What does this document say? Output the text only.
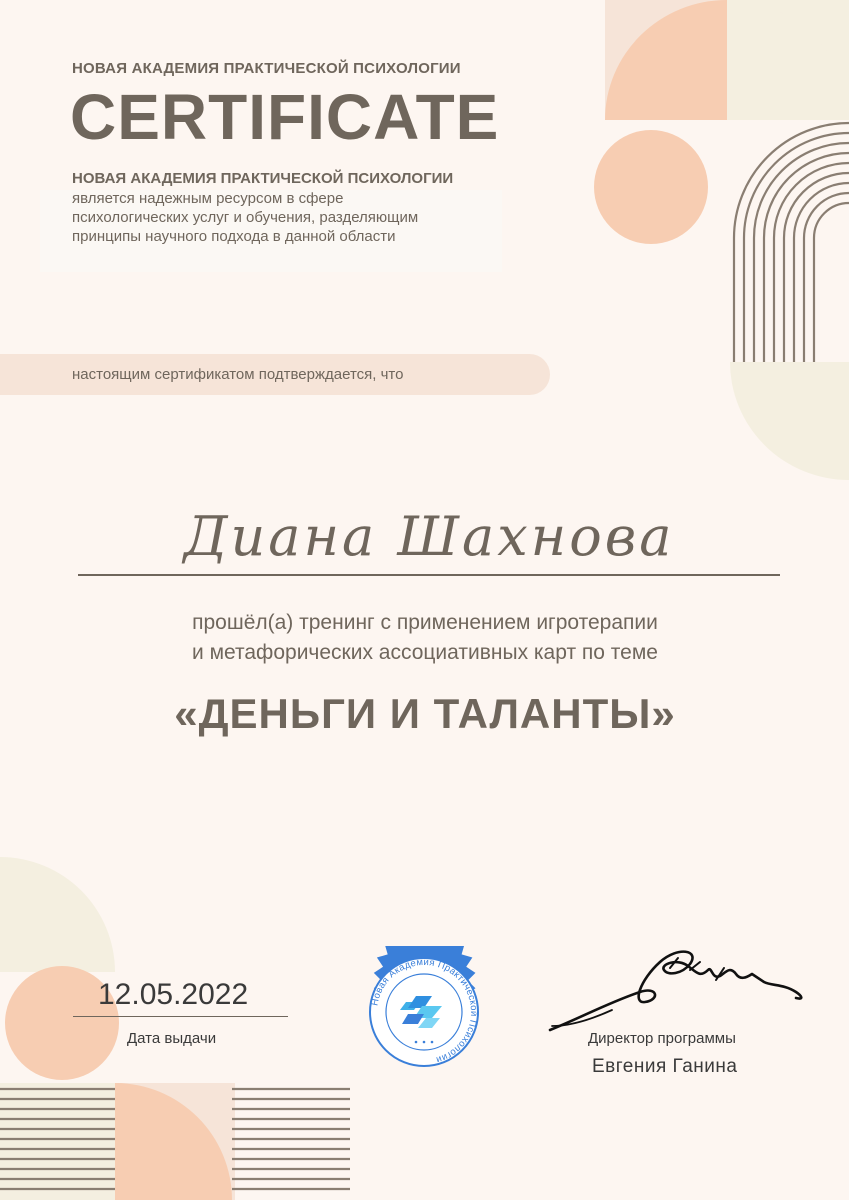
НОВАЯ АКАДЕМИЯ ПРАКТИЧЕСКОЙ ПСИХОЛОГИИ
CERTIFICATE
НОВАЯ АКАДЕМИЯ ПРАКТИЧЕСКОЙ ПСИХОЛОГИИ
является надежным ресурсом в сфере
психологических услуг и обучения, разделяющим
принципы научного подхода в данной области
настоящим сертификатом подтверждается, что
Диана Шахнова
прошёл(а) тренинг с применением игротерапии
и метафорических ассоциативных карт по теме
«ДЕНЬГИ И ТАЛАНТЫ»
12.05.2022
Дата выдачи
Новая Академия Практической Психологии
Директор программы
Евгения Ганина
